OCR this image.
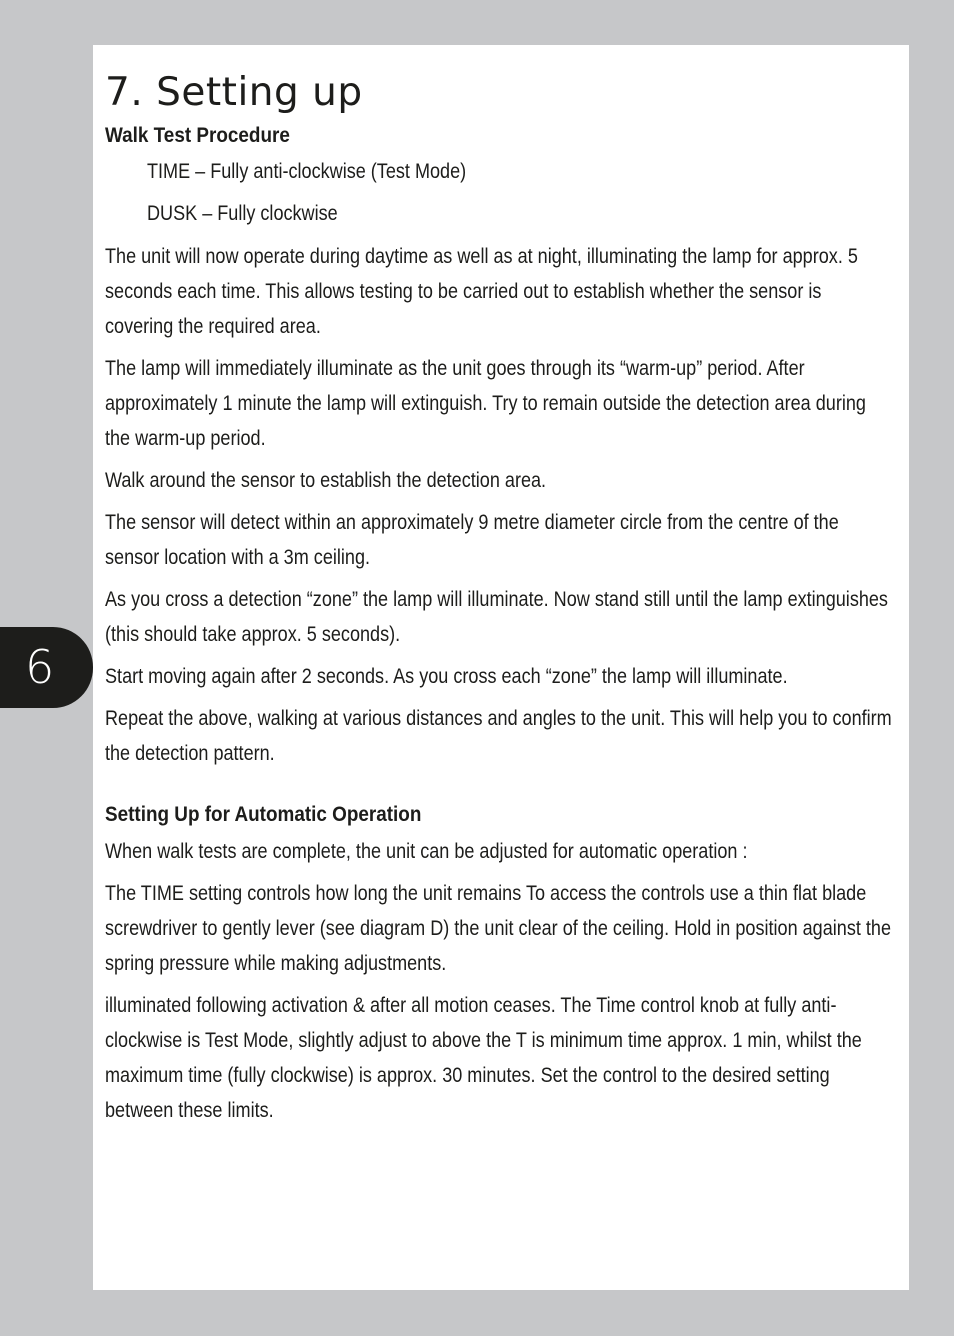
7. Setting up
Walk Test Procedure
TIME – Fully anti-clockwise (Test Mode)
DUSK – Fully clockwise

The unit will now operate during daytime as well as at night, illuminating the lamp for approx. 5 seconds each time. This allows testing to be carried out to establish whether the sensor is covering the required area.

The lamp will immediately illuminate as the unit goes through its “warm-up” period. After approximately 1 minute the lamp will extinguish. Try to remain outside the detection area during the warm-up period.

Walk around the sensor to establish the detection area.

The sensor will detect within an approximately 9 metre diameter circle from the centre of the sensor location with a 3m ceiling.

As you cross a detection “zone” the lamp will illuminate. Now stand still until the lamp extinguishes (this should take approx. 5 seconds).

Start moving again after 2 seconds. As you cross each “zone” the lamp will illuminate.

Repeat the above, walking at various distances and angles to the unit. This will help you to confirm the detection pattern.

Setting Up for Automatic Operation

When walk tests are complete, the unit can be adjusted for automatic operation :

The TIME setting controls how long the unit remains To access the controls use a thin flat blade screwdriver to gently lever (see diagram D) the unit clear of the ceiling. Hold in position against the spring pressure while making adjustments.

illuminated following activation & after all motion ceases. The Time control knob at fully anti-clockwise is Test Mode, slightly adjust to above the T is minimum time approx. 1 min, whilst the maximum time (fully clockwise) is approx. 30 minutes. Set the control to the desired setting between these limits.

6
